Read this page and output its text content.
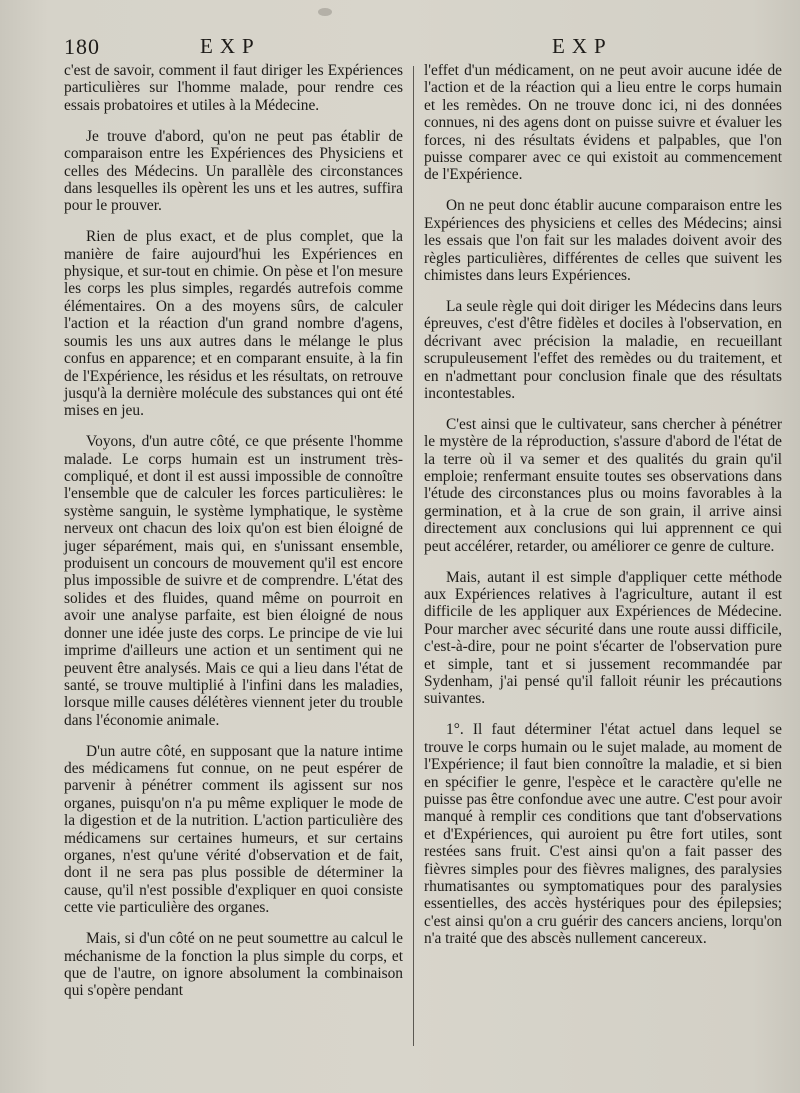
180	EXP	EXP

c'est de savoir, comment il faut diriger les Expériences particulières sur l'homme malade, pour rendre ces essais probatoires et utiles à la Médecine.

Je trouve d'abord, qu'on ne peut pas établir de comparaison entre les Expériences des Physiciens et celles des Médecins. Un parallèle des circonstances dans lesquelles ils opèrent les uns et les autres, suffira pour le prouver.

Rien de plus exact, et de plus complet, que la manière de faire aujourd'hui les Expériences en physique, et sur-tout en chimie. On pèse et l'on mesure les corps les plus simples, regardés autrefois comme élémentaires. On a des moyens sûrs, de calculer l'action et la réaction d'un grand nombre d'agens, soumis les uns aux autres dans le mélange le plus confus en apparence; et en comparant ensuite, à la fin de l'Expérience, les résidus et les résultats, on retrouve jusqu'à la dernière molécule des substances qui ont été mises en jeu.

Voyons, d'un autre côté, ce que présente l'homme malade. Le corps humain est un instrument très-compliqué, et dont il est aussi impossible de connoître l'ensemble que de calculer les forces particulières: le système sanguin, le système lymphatique, le système nerveux ont chacun des loix qu'on est bien éloigné de juger séparément, mais qui, en s'unissant ensemble, produisent un concours de mouvement qu'il est encore plus impossible de suivre et de comprendre. L'état des solides et des fluides, quand même on pourroit en avoir une analyse parfaite, est bien éloigné de nous donner une idée juste des corps. Le principe de vie lui imprime d'ailleurs une action et un sentiment qui ne peuvent être analysés. Mais ce qui a lieu dans l'état de santé, se trouve multiplié à l'infini dans les maladies, lorsque mille causes délétères viennent jeter du trouble dans l'économie animale.

D'un autre côté, en supposant que la nature intime des médicamens fut connue, on ne peut espérer de parvenir à pénétrer comment ils agissent sur nos organes, puisqu'on n'a pu même expliquer le mode de la digestion et de la nutrition. L'action particulière des médicamens sur certaines humeurs, et sur certains organes, n'est qu'une vérité d'observation et de fait, dont il ne sera pas plus possible de déterminer la cause, qu'il n'est possible d'expliquer en quoi consiste cette vie particulière des organes.

Mais, si d'un côté on ne peut soumettre au calcul le méchanisme de la fonction la plus simple du corps, et que de l'autre, on ignore absolument la combinaison qui s'opère pendant

l'effet d'un médicament, on ne peut avoir aucune idée de l'action et de la réaction qui a lieu entre le corps humain et les remèdes. On ne trouve donc ici, ni des données connues, ni des agens dont on puisse suivre et évaluer les forces, ni des résultats évidens et palpables, que l'on puisse comparer avec ce qui existoit au commencement de l'Expérience.

On ne peut donc établir aucune comparaison entre les Expériences des physiciens et celles des Médecins; ainsi les essais que l'on fait sur les malades doivent avoir des règles particulières, différentes de celles que suivent les chimistes dans leurs Expériences.

La seule règle qui doit diriger les Médecins dans leurs épreuves, c'est d'être fidèles et dociles à l'observation, en décrivant avec précision la maladie, en recueillant scrupuleusement l'effet des remèdes ou du traitement, et en n'admettant pour conclusion finale que des résultats incontestables.

C'est ainsi que le cultivateur, sans chercher à pénétrer le mystère de la réproduction, s'assure d'abord de l'état de la terre où il va semer et des qualités du grain qu'il emploie; renfermant ensuite toutes ses observations dans l'étude des circonstances plus ou moins favorables à la germination, et à la crue de son grain, il arrive ainsi directement aux conclusions qui lui apprennent ce qui peut accélérer, retarder, ou améliorer ce genre de culture.

Mais, autant il est simple d'appliquer cette méthode aux Expériences relatives à l'agriculture, autant il est difficile de les appliquer aux Expériences de Médecine. Pour marcher avec sécurité dans une route aussi difficile, c'est-à-dire, pour ne point s'écarter de l'observation pure et simple, tant et si jussement recommandée par Sydenham, j'ai pensé qu'il falloit réunir les précautions suivantes.

1°. Il faut déterminer l'état actuel dans lequel se trouve le corps humain ou le sujet malade, au moment de l'Expérience; il faut bien connoître la maladie, et si bien en spécifier le genre, l'espèce et le caractère qu'elle ne puisse pas être confondue avec une autre. C'est pour avoir manqué à remplir ces conditions que tant d'observations et d'Expériences, qui auroient pu être fort utiles, sont restées sans fruit. C'est ainsi qu'on a fait passer des fièvres simples pour des fièvres malignes, des paralysies rhumatisantes ou symptomatiques pour des paralysies essentielles, des accès hystériques pour des épilepsies; c'est ainsi qu'on a cru guérir des cancers anciens, lorqu'on n'a traité que des abscès nullement cancereux.
